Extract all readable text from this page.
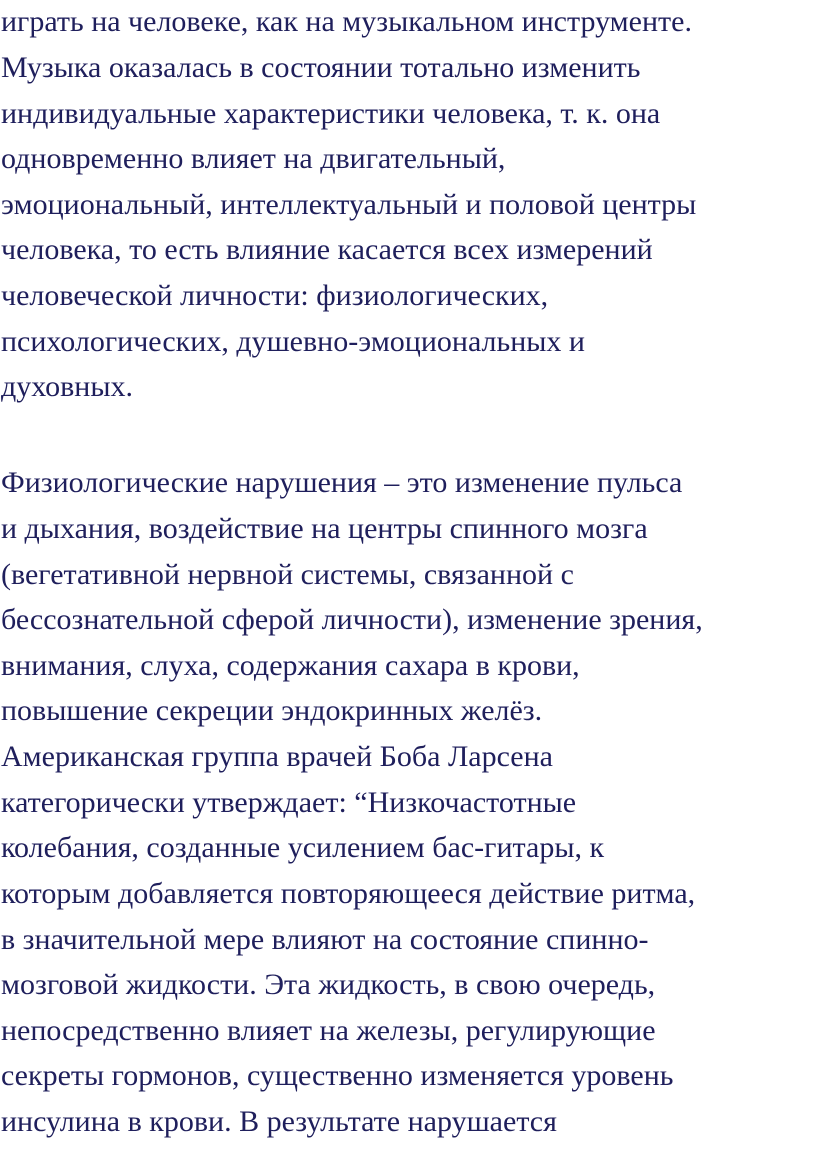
играть на человеке, как на музыкальном инструменте.
Музыка оказалась в состоянии тотально изменить
индивидуальные характеристики человека, т. к. она
одновременно влияет на двигательный,
эмоциональный, интеллектуальный и половой центры
человека, то есть влияние касается всех измерений
человеческой личности: физиологических,
психологических, душевно-эмоциональных и
духовных.
Физиологические нарушения – это изменение пульса
и дыхания, воздействие на центры спинного мозга
(вегетативной нервной системы, связанной с
бессознательной сферой личности), изменение зрения,
внимания, слуха, содержания сахара в крови,
повышение секреции эндокринных желёз.
Американская группа врачей Боба Ларсена
категорически утверждает: “Низкочастотные
колебания, созданные усилением бас-гитары, к
которым добавляется повторяющееся действие ритма,
в значительной мере влияют на состояние спинно-
мозговой жидкости. Эта жидкость, в свою очередь,
непосредственно влияет на железы, регулирующие
секреты гормонов, существенно изменяется уровень
инсулина в крови. В результате нарушается
